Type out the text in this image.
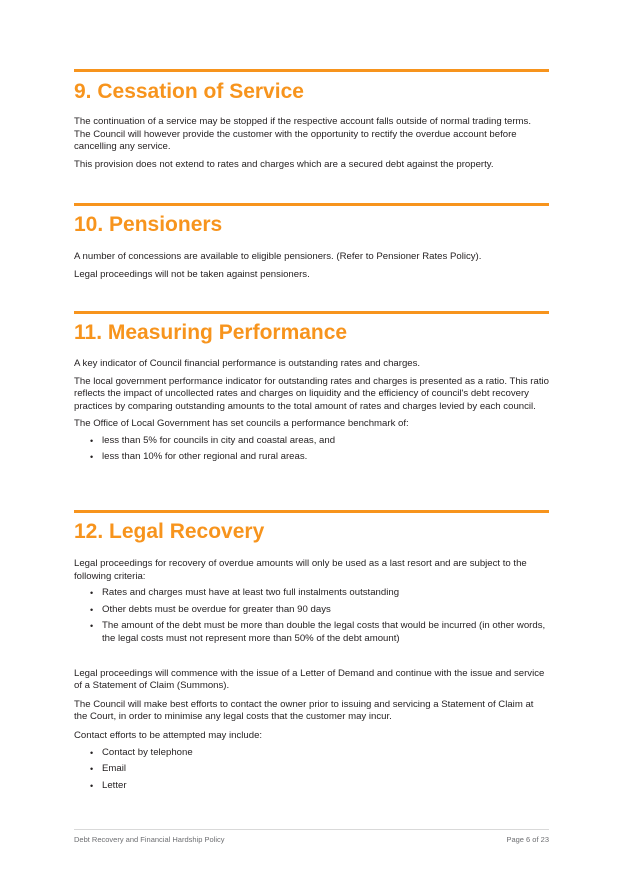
9. Cessation of Service

The continuation of a service may be stopped if the respective account falls outside of normal trading terms. The Council will however provide the customer with the opportunity to rectify the overdue account before cancelling any service.

This provision does not extend to rates and charges which are a secured debt against the property.

10. Pensioners

A number of concessions are available to eligible pensioners. (Refer to Pensioner Rates Policy).

Legal proceedings will not be taken against pensioners.

11. Measuring Performance

A key indicator of Council financial performance is outstanding rates and charges.

The local government performance indicator for outstanding rates and charges is presented as a ratio. This ratio reflects the impact of uncollected rates and charges on liquidity and the efficiency of council's debt recovery practices by comparing outstanding amounts to the total amount of rates and charges levied by each council.

The Office of Local Government has set councils a performance benchmark of:

• less than 5% for councils in city and coastal areas, and
• less than 10% for other regional and rural areas.
12. Legal Recovery

Legal proceedings for recovery of overdue amounts will only be used as a last resort and are subject to the following criteria:

• Rates and charges must have at least two full instalments outstanding
• Other debts must be overdue for greater than 90 days
• The amount of the debt must be more than double the legal costs that would be incurred (in other words, the legal costs must not represent more than 50% of the debt amount)

Legal proceedings will commence with the issue of a Letter of Demand and continue with the issue and service of a Statement of Claim (Summons).

The Council will make best efforts to contact the owner prior to issuing and servicing a Statement of Claim at the Court, in order to minimise any legal costs that the customer may incur.

Contact efforts to be attempted may include:

• Contact by telephone
• Email
• Letter
Debt Recovery and Financial Hardship Policy	Page 6 of 23
